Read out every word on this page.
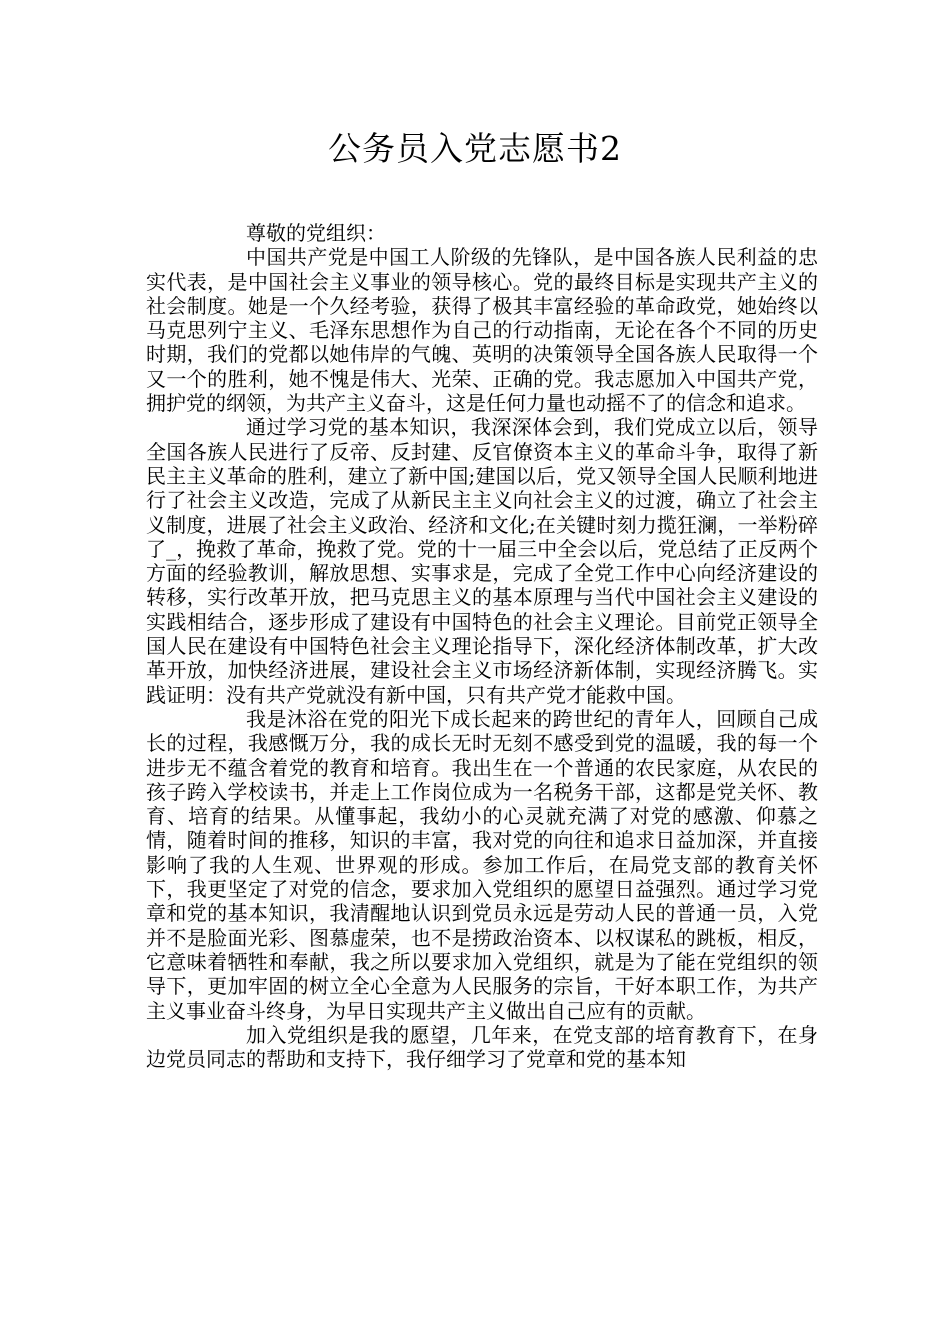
公务员入党志愿书2

尊敬的党组织：

中国共产党是中国工人阶级的先锋队，是中国各族人民利益的忠实代表，是中国社会主义事业的领导核心。党的最终目标是实现共产主义的社会制度。她是一个久经考验，获得了极其丰富经验的革命政党，她始终以马克思列宁主义、毛泽东思想作为自己的行动指南，无论在各个不同的历史时期，我们的党都以她伟岸的气魄、英明的决策领导全国各族人民取得一个又一个的胜利，她不愧是伟大、光荣、正确的党。我志愿加入中国共产党，拥护党的纲领，为共产主义奋斗，这是任何力量也动摇不了的信念和追求。

通过学习党的基本知识，我深深体会到，我们党成立以后，领导全国各族人民进行了反帝、反封建、反官僚资本主义的革命斗争，取得了新民主主义革命的胜利，建立了新中国;建国以后，党又领导全国人民顺利地进行了社会主义改造，完成了从新民主主义向社会主义的过渡，确立了社会主义制度，进展了社会主义政治、经济和文化;在关键时刻力揽狂澜，一举粉碎了_，挽救了革命，挽救了党。党的十一届三中全会以后，党总结了正反两个方面的经验教训，解放思想、实事求是，完成了全党工作中心向经济建设的转移，实行改革开放，把马克思主义的基本原理与当代中国社会主义建设的实践相结合，逐步形成了建设有中国特色的社会主义理论。目前党正领导全国人民在建设有中国特色社会主义理论指导下，深化经济体制改革，扩大改革开放，加快经济进展，建设社会主义市场经济新体制，实现经济腾飞。实践证明：没有共产党就没有新中国，只有共产党才能救中国。

我是沐浴在党的阳光下成长起来的跨世纪的青年人，回顾自己成长的过程，我感慨万分，我的成长无时无刻不感受到党的温暖，我的每一个进步无不蕴含着党的教育和培育。我出生在一个普通的农民家庭，从农民的孩子跨入学校读书，并走上工作岗位成为一名税务干部，这都是党关怀、教育、培育的结果。从懂事起，我幼小的心灵就充满了对党的感激、仰慕之情，随着时间的推移，知识的丰富，我对党的向往和追求日益加深，并直接影响了我的人生观、世界观的形成。参加工作后，在局党支部的教育关怀下，我更坚定了对党的信念，要求加入党组织的愿望日益强烈。通过学习党章和党的基本知识，我清醒地认识到党员永远是劳动人民的普通一员，入党并不是脸面光彩、图慕虚荣，也不是捞政治资本、以权谋私的跳板，相反，它意味着牺牲和奉献，我之所以要求加入党组织，就是为了能在党组织的领导下，更加牢固的树立全心全意为人民服务的宗旨，干好本职工作，为共产主义事业奋斗终身，为早日实现共产主义做出自己应有的贡献。

加入党组织是我的愿望，几年来，在党支部的培育教育下，在身边党员同志的帮助和支持下，我仔细学习了党章和党的基本知
